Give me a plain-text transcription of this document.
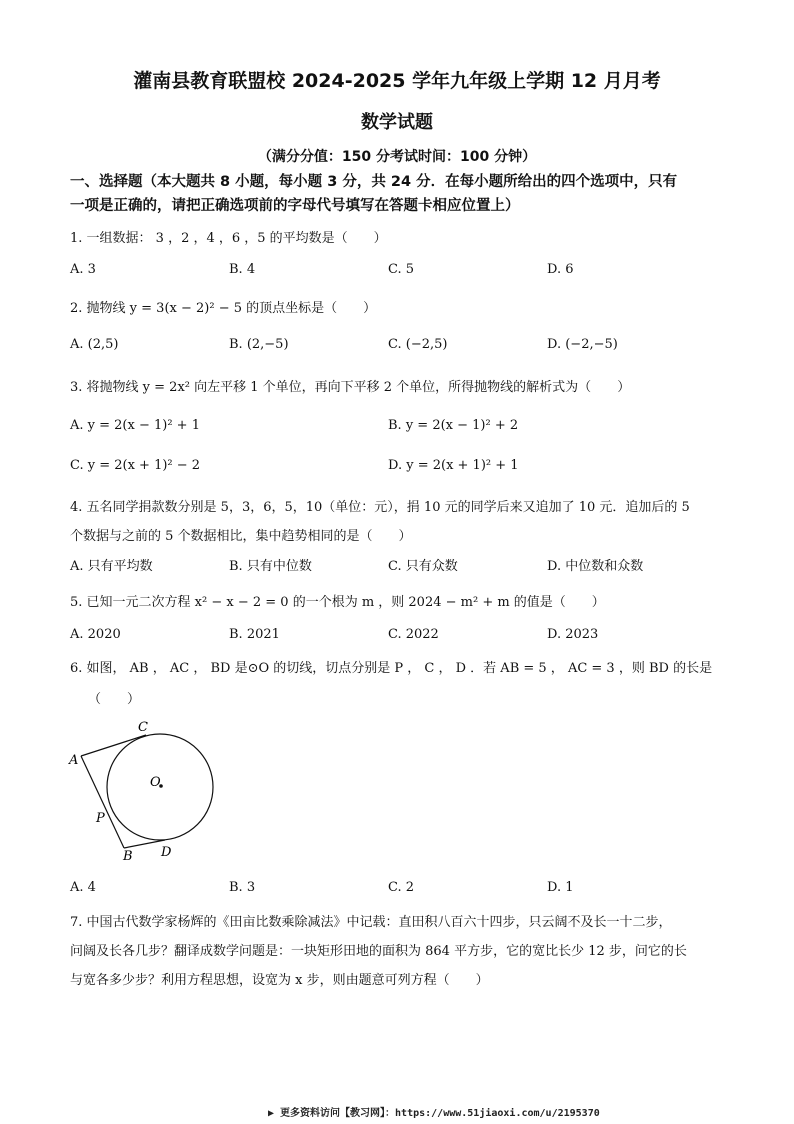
灌南县教育联盟校 2024-2025 学年九年级上学期 12 月月考
数学试题
（满分分值：150 分考试时间：100 分钟）
一、选择题（本大题共 8 小题，每小题 3 分，共 24 分．在每小题所给出的四个选项中，只有
一项是正确的，请把正确选项前的字母代号填写在答题卡相应位置上）
1. 一组数据： 3 ，2 ，4 ，6 ，5 的平均数是（　　）
A. 3	B. 4	C. 5	D. 6
2. 抛物线 y = 3(x − 2)² − 5 的顶点坐标是（　　）
A. (2,5)	B. (2,−5)	C. (−2,5)	D. (−2,−5)
3. 将抛物线 y = 2x² 向左平移 1 个单位，再向下平移 2 个单位，所得抛物线的解析式为（　　）
A. y = 2(x − 1)² + 1	B. y = 2(x − 1)² + 2
C. y = 2(x + 1)² − 2	D. y = 2(x + 1)² + 1
4. 五名同学捐款数分别是 5，3，6，5，10（单位：元），捐 10 元的同学后来又追加了 10 元．追加后的 5
个数据与之前的 5 个数据相比，集中趋势相同的是（　　）
A. 只有平均数	B. 只有中位数	C. 只有众数	D. 中位数和众数
5. 已知一元二次方程 x² − x − 2 = 0 的一个根为 m ，则 2024 − m² + m 的值是（　　）
A. 2020	B. 2021	C. 2022	D. 2023
6. 如图， AB ， AC ， BD 是⊙O 的切线，切点分别是 P ， C ， D ．若 AB = 5 ， AC = 3 ，则 BD 的长是
（　　）
C
A
O
P
B D
A. 4	B. 3	C. 2	D. 1
7. 中国古代数学家杨辉的《田亩比数乘除减法》中记载：直田积八百六十四步，只云阔不及长一十二步，
问阔及长各几步？翻译成数学问题是：一块矩形田地的面积为 864 平方步，它的宽比长少 12 步，问它的长
与宽各多少步？利用方程思想，设宽为 x 步，则由题意可列方程（　　）
▶ 更多资料访问【教习网】：https://www.51jiaoxi.com/u/2195370
